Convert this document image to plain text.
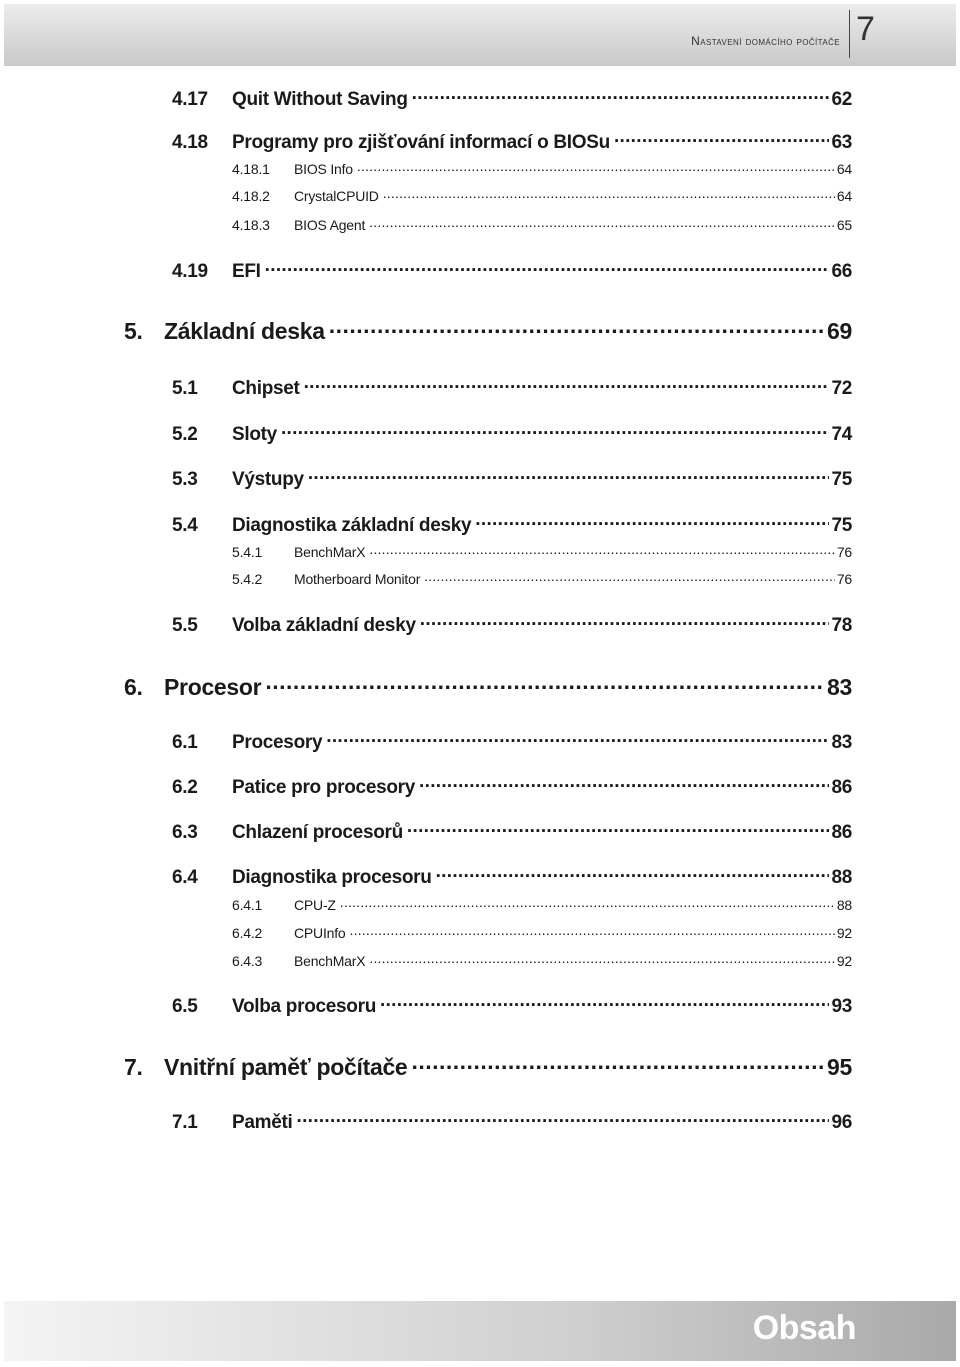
Nastavení domácího počítače 7
4.17	Quit Without Saving .....	62
4.18	Programy pro zjišťování informací o BIOSu .....	63
4.18.1	BIOS Info .....	64
4.18.2	CrystalCPUID .....	64
4.18.3	BIOS Agent .....	65
4.19	EFI .....	66
5. Základní deska .....	69
5.1	Chipset .....	72
5.2	Sloty .....	74
5.3	Výstupy .....	75
5.4	Diagnostika základní desky .....	75
5.4.1	BenchMarX .....	76
5.4.2	Motherboard Monitor .....	76
5.5	Volba základní desky .....	78
6. Procesor .....	83
6.1	Procesory .....	83
6.2	Patice pro procesory .....	86
6.3	Chlazení procesorů .....	86
6.4	Diagnostika procesoru .....	88
6.4.1	CPU-Z .....	88
6.4.2	CPUInfo .....	92
6.4.3	BenchMarX .....	92
6.5	Volba procesoru .....	93
7. Vnitřní paměť počítače .....	95
7.1	Paměti .....	96
Obsah
